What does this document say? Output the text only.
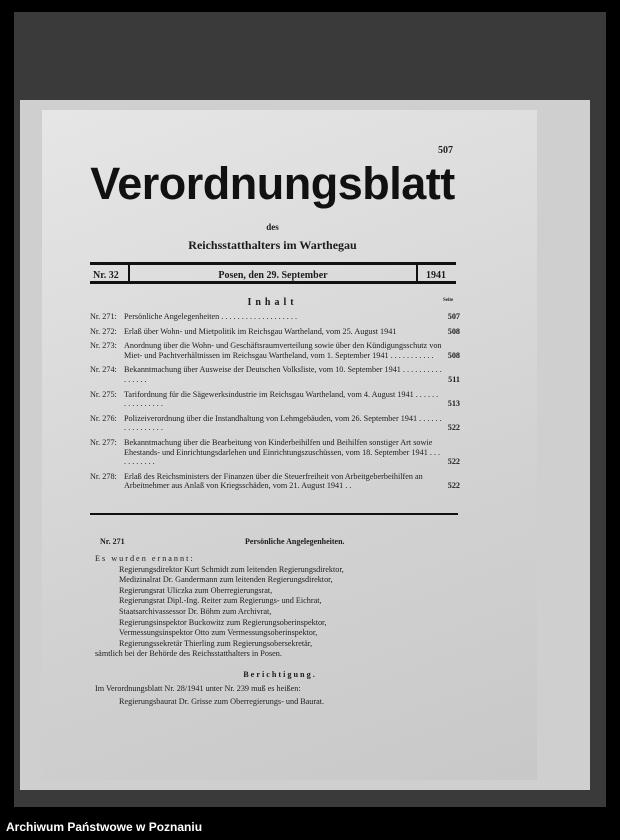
507
Verordnungsblatt
des
Reichsstatthalters im Warthegau
Nr. 32	Posen, den 29. September	1941
Inhalt	Seite
Nr. 271: Persönliche Angelegenheiten . . . . . . . . . . . . . . . . . . .	507
Nr. 272: Erlaß über Wohn- und Mietpolitik im Reichsgau Wartheland, vom 25. August 1941	508
Nr. 273: Anordnung über die Wohn- und Geschäftsraumverteilung sowie über den Kündigungsschutz von Miet- und Pachtverhältnissen im Reichsgau Wartheland, vom 1. September 1941 . . . . . . . . . . . 508
Nr. 274: Bekanntmachung über Ausweise der Deutschen Volksliste, vom 10. September 1941 . . . . . . . . . . . . . . . .	511
Nr. 275: Tarifordnung für die Sägewerksindustrie im Reichsgau Wartheland, vom 4. August 1941 . . . . . . . . . . . . . . . .	513
Nr. 276: Polizeiverordnung über die Instandhaltung von Lehmgebäuden, vom 26. September 1941 . . . . . . . . . . . . . . . .	522
Nr. 277: Bekanntmachung über die Bearbeitung von Kinderbeihilfen und Beihilfen sonstiger Art sowie Ehestands- und Einrichtungsdarlehen und Einrichtungszuschüssen, vom 18. September 1941 . . . . . . . . . . .	522
Nr. 278: Erlaß des Reichsministers der Finanzen über die Steuerfreiheit von Arbeitgeberbeihilfen an Arbeitnehmer aus Anlaß von Kriegsschäden, vom 21. August 1941 . .	522
Nr. 271	Persönliche Angelegenheiten.
Es wurden ernannt:
Regierungsdirektor Kurt Schmidt zum leitenden Regierungsdirektor,
Medizinalrat Dr. Gandermann zum leitenden Regierungsdirektor,
Regierungsrat Uliczka zum Oberregierungsrat,
Regierungsrat Dipl.-Ing. Reiter zum Regierungs- und Eichrat,
Staatsarchivassessor Dr. Böhm zum Archivrat,
Regierungsinspektor Buckowitz zum Regierungsoberinspektor,
Vermessungsinspektor Otto zum Vermessungsoberinspektor,
Regierungssekretär Thierling zum Regierungsobersekretär,
sämtlich bei der Behörde des Reichsstatthalters in Posen.
Berichtigung.
Im Verordnungsblatt Nr. 28/1941 unter Nr. 239 muß es heißen:
Regierungsbaurat Dr. Grisse zum Oberregierungs- und Baurat.
Archiwum Państwowe w Poznaniu
